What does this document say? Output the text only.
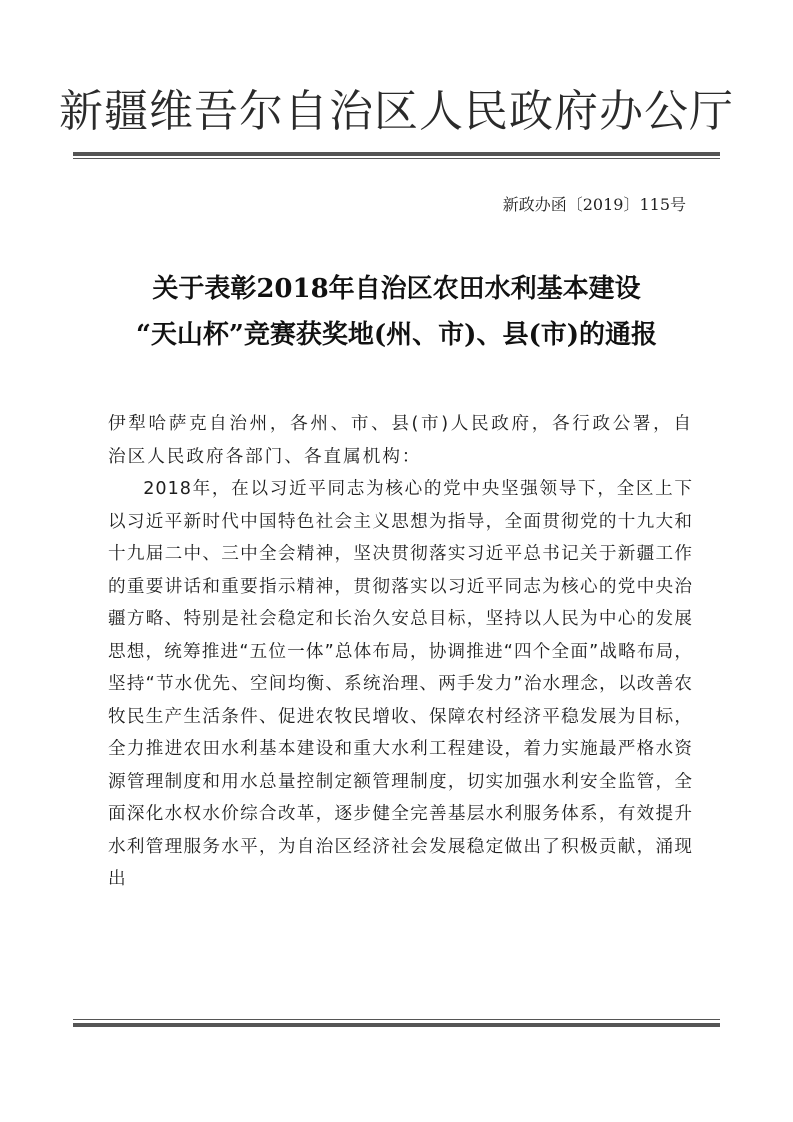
新疆维吾尔自治区人民政府办公厅
新政办函〔2019〕115号
关于表彰2018年自治区农田水利基本建设
“天山杯”竞赛获奖地(州、市)、县(市)的通报

伊犁哈萨克自治州，各州、市、县(市)人民政府，各行政公署，自治区人民政府各部门、各直属机构：

2018年，在以习近平同志为核心的党中央坚强领导下，全区上下以习近平新时代中国特色社会主义思想为指导，全面贯彻党的十九大和十九届二中、三中全会精神，坚决贯彻落实习近平总书记关于新疆工作的重要讲话和重要指示精神，贯彻落实以习近平同志为核心的党中央治疆方略、特别是社会稳定和长治久安总目标，坚持以人民为中心的发展思想，统筹推进“五位一体”总体布局，协调推进“四个全面”战略布局，坚持“节水优先、空间均衡、系统治理、两手发力”治水理念，以改善农牧民生产生活条件、促进农牧民增收、保障农村经济平稳发展为目标，全力推进农田水利基本建设和重大水利工程建设，着力实施最严格水资源管理制度和用水总量控制定额管理制度，切实加强水利安全监管，全面深化水权水价综合改革，逐步健全完善基层水利服务体系，有效提升水利管理服务水平，为自治区经济社会发展稳定做出了积极贡献，涌现出
